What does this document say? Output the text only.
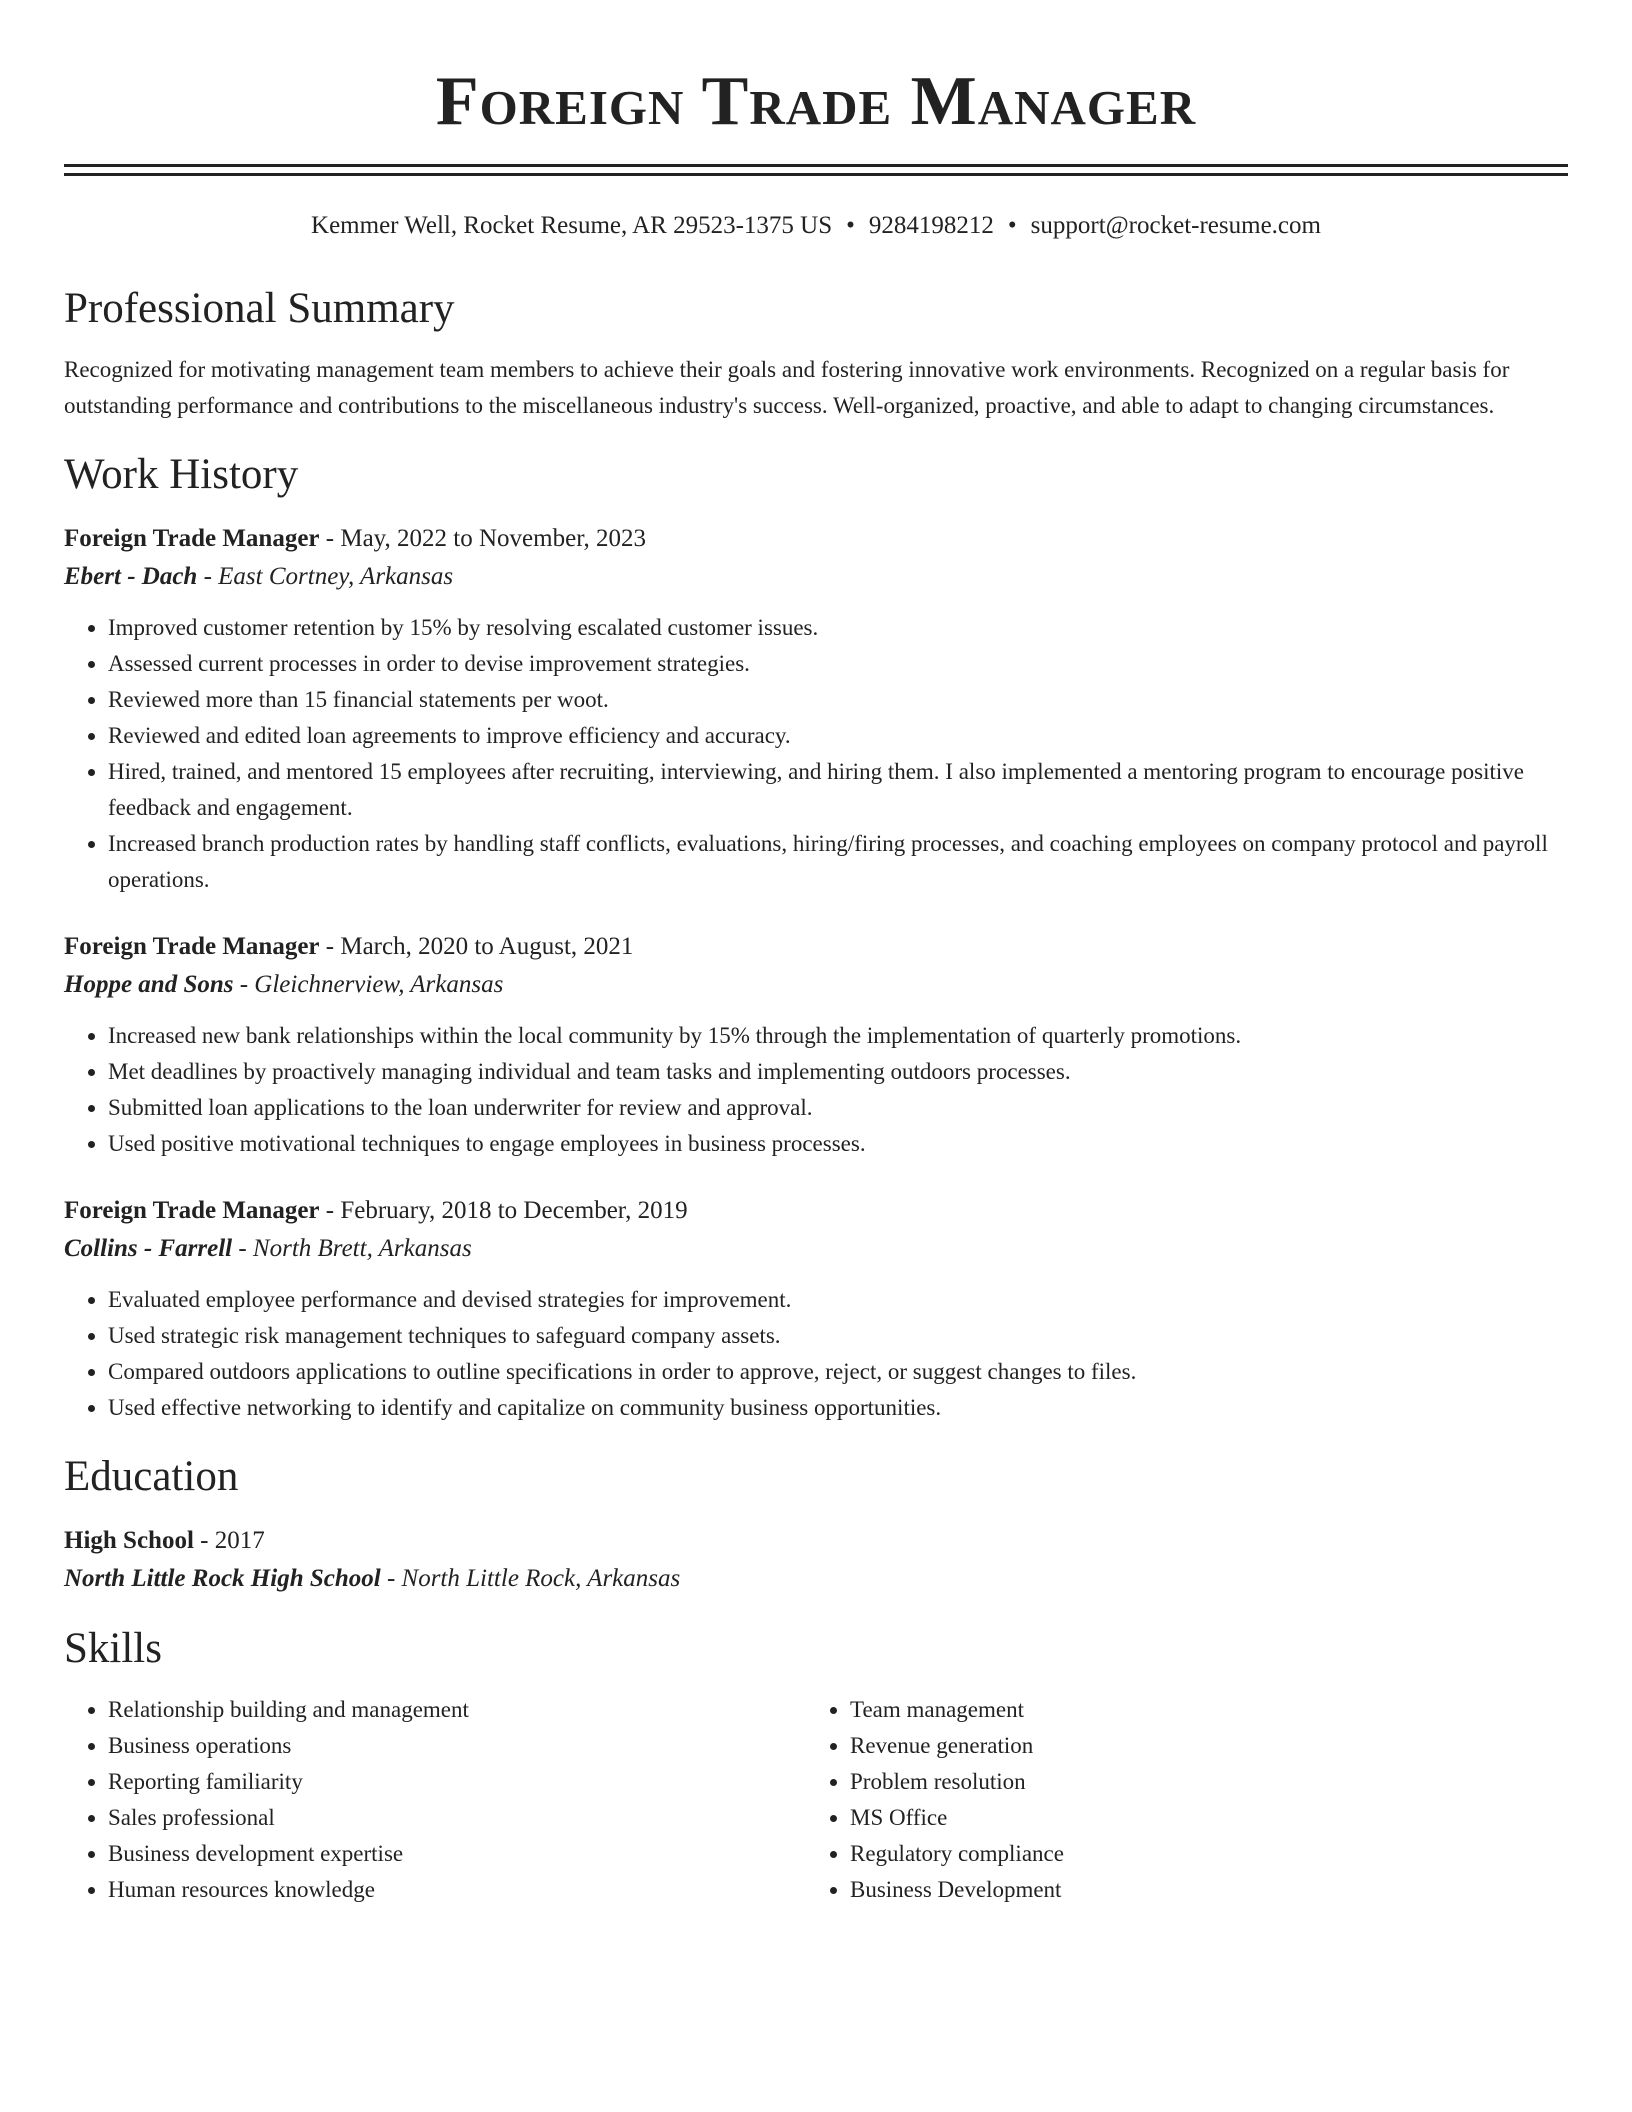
Foreign Trade Manager
Kemmer Well, Rocket Resume, AR 29523-1375 US • 9284198212 • support@rocket-resume.com
Professional Summary
Recognized for motivating management team members to achieve their goals and fostering innovative work environments. Recognized on a regular basis for outstanding performance and contributions to the miscellaneous industry's success. Well-organized, proactive, and able to adapt to changing circumstances.
Work History
Foreign Trade Manager - May, 2022 to November, 2023
Ebert - Dach - East Cortney, Arkansas
• Improved customer retention by 15% by resolving escalated customer issues.
• Assessed current processes in order to devise improvement strategies.
• Reviewed more than 15 financial statements per woot.
• Reviewed and edited loan agreements to improve efficiency and accuracy.
• Hired, trained, and mentored 15 employees after recruiting, interviewing, and hiring them. I also implemented a mentoring program to encourage positive feedback and engagement.
• Increased branch production rates by handling staff conflicts, evaluations, hiring/firing processes, and coaching employees on company protocol and payroll operations.
Foreign Trade Manager - March, 2020 to August, 2021
Hoppe and Sons - Gleichnerview, Arkansas
• Increased new bank relationships within the local community by 15% through the implementation of quarterly promotions.
• Met deadlines by proactively managing individual and team tasks and implementing outdoors processes.
• Submitted loan applications to the loan underwriter for review and approval.
• Used positive motivational techniques to engage employees in business processes.
Foreign Trade Manager - February, 2018 to December, 2019
Collins - Farrell - North Brett, Arkansas
• Evaluated employee performance and devised strategies for improvement.
• Used strategic risk management techniques to safeguard company assets.
• Compared outdoors applications to outline specifications in order to approve, reject, or suggest changes to files.
• Used effective networking to identify and capitalize on community business opportunities.
Education
High School - 2017
North Little Rock High School - North Little Rock, Arkansas
Skills
• Relationship building and management
• Business operations
• Reporting familiarity
• Sales professional
• Business development expertise
• Human resources knowledge
• Team management
• Revenue generation
• Problem resolution
• MS Office
• Regulatory compliance
• Business Development
